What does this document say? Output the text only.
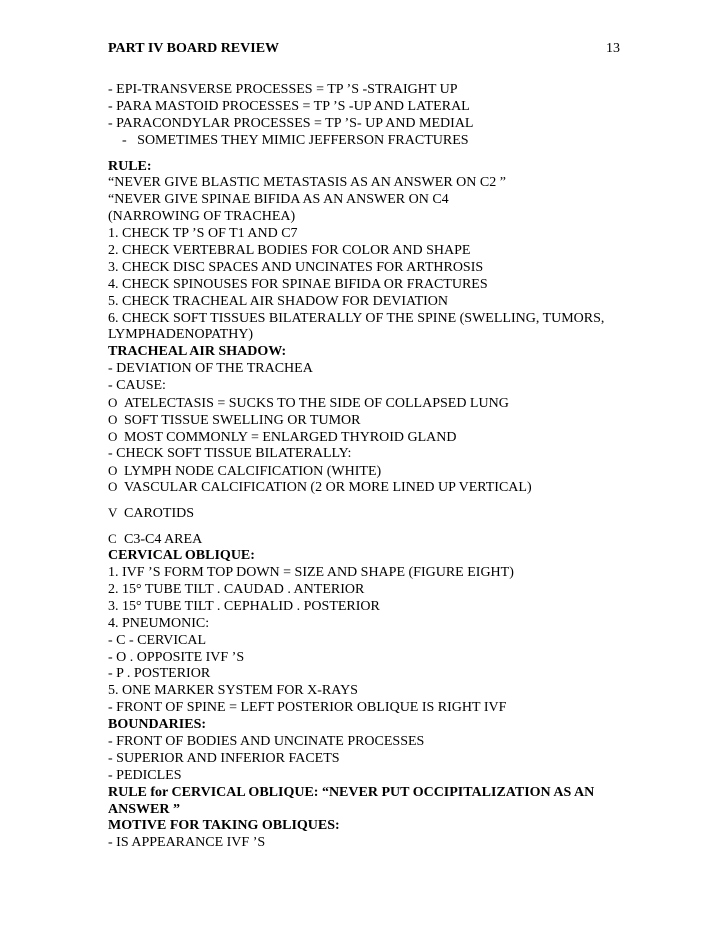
PART IV BOARD REVIEW	13
- EPI-TRANSVERSE PROCESSES = TP ’S -STRAIGHT UP
- PARA MASTOID PROCESSES = TP ’S -UP AND LATERAL
- PARACONDYLAR PROCESSES = TP ’S- UP AND MEDIAL
-   SOMETIMES THEY MIMIC JEFFERSON FRACTURES
RULE:
“NEVER GIVE BLASTIC METASTASIS AS AN ANSWER ON C2 ”
“NEVER GIVE SPINAE BIFIDA AS AN ANSWER ON C4
(NARROWING OF TRACHEA)
1. CHECK TP ’S OF T1 AND C7
2. CHECK VERTEBRAL BODIES FOR COLOR AND SHAPE
3. CHECK DISC SPACES AND UNCINATES FOR ARTHROSIS
4. CHECK SPINOUSES FOR SPINAE BIFIDA OR FRACTURES
5. CHECK TRACHEAL AIR SHADOW FOR DEVIATION
6. CHECK SOFT TISSUES BILATERALLY OF THE SPINE (SWELLING, TUMORS,
LYMPHADENOPATHY)
TRACHEAL AIR SHADOW:
- DEVIATION OF THE TRACHEA
- CAUSE:
O ATELECTASIS = SUCKS TO THE SIDE OF COLLAPSED LUNG
O SOFT TISSUE SWELLING OR TUMOR
O MOST COMMONLY = ENLARGED THYROID GLAND
- CHECK SOFT TISSUE BILATERALLY:
O LYMPH NODE CALCIFICATION (WHITE)
O VASCULAR CALCIFICATION (2 OR MORE LINED UP VERTICAL)
V CAROTIDS
C C3-C4 AREA
CERVICAL OBLIQUE:
1. IVF ’S FORM TOP DOWN = SIZE AND SHAPE (FIGURE EIGHT)
2. 15° TUBE TILT . CAUDAD . ANTERIOR
3. 15° TUBE TILT . CEPHALID . POSTERIOR
4. PNEUMONIC:
- C - CERVICAL
- O . OPPOSITE IVF ’S
- P . POSTERIOR
5. ONE MARKER SYSTEM FOR X-RAYS
- FRONT OF SPINE = LEFT POSTERIOR OBLIQUE IS RIGHT IVF
BOUNDARIES:
- FRONT OF BODIES AND UNCINATE PROCESSES
- SUPERIOR AND INFERIOR FACETS
- PEDICLES
RULE for CERVICAL OBLIQUE: “NEVER PUT OCCIPITALIZATION AS AN
ANSWER ”
MOTIVE FOR TAKING OBLIQUES:
- IS APPEARANCE IVF ’S
